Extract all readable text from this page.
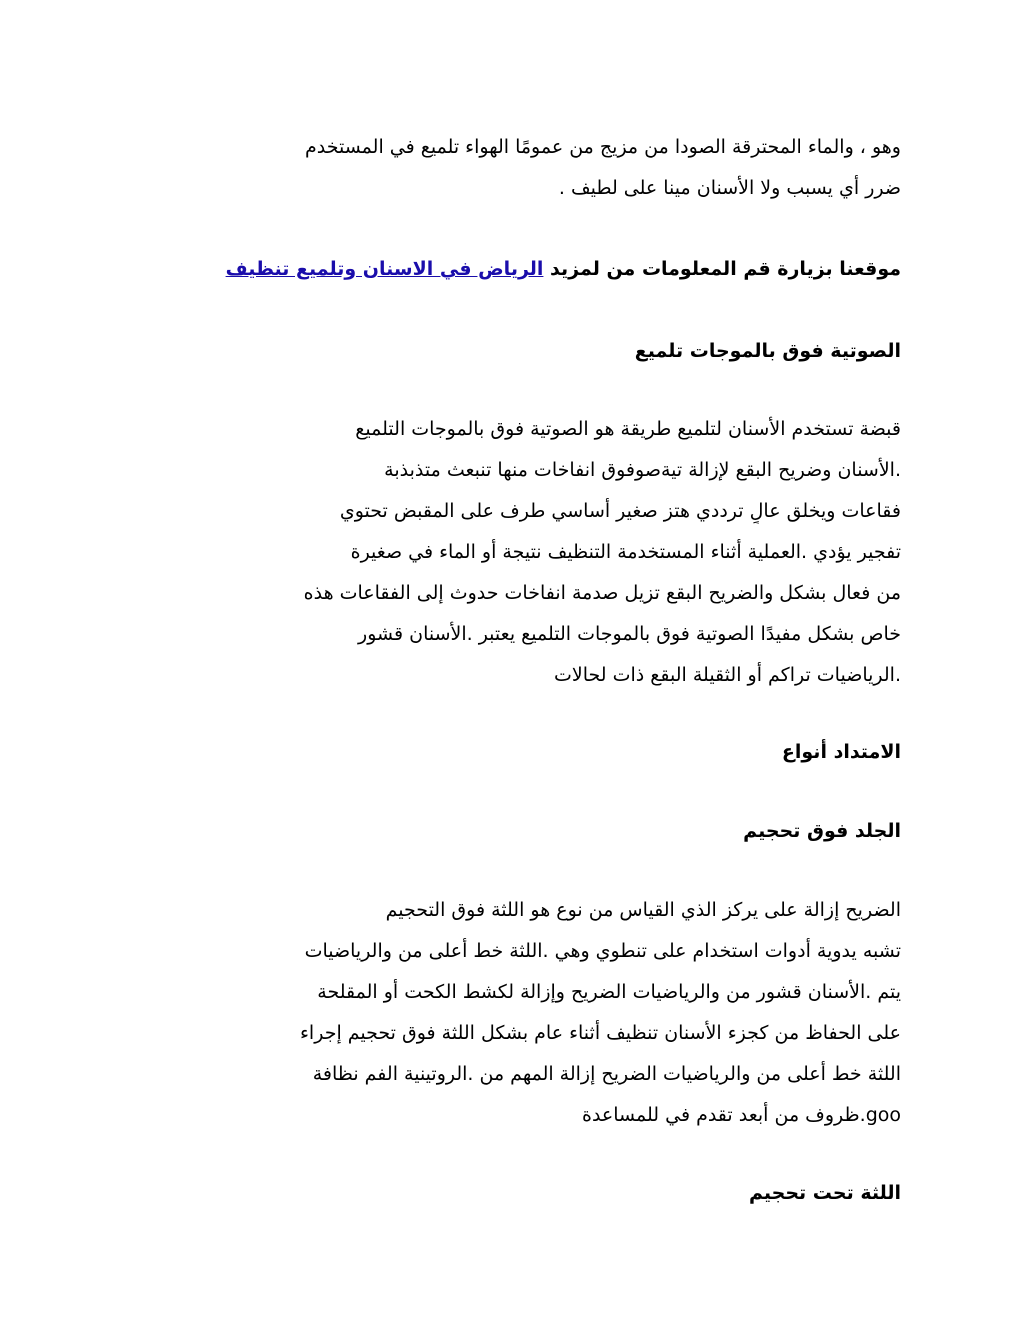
وهو ، والماء المحترقة الصودا من مزيج من عمومًا الهواء تلميع في المستخدم
ضرر أي يسبب ولا الأسنان مينا على لطيف .
موقعنا بزيارة قم المعلومات من لمزيد الرياض في الاسنان وتلميع تنظيف
الصوتية فوق بالموجات تلميع
قبضة تستخدم الأسنان لتلميع طريقة هو الصوتية فوق بالموجات التلميع
.الأسنان وضريح البقع لإزالة تيةصوفوق انفاخات منها تنبعث متذبذبة
فقاعات ويخلق عالٍ ترددي هتز صغير أساسي طرف على المقبض تحتوي
تفجير يؤدي .العملية أثناء المستخدمة التنظيف نتيجة أو الماء في صغيرة
من فعال بشكل والضريح البقع تزيل صدمة انفاخات حدوث إلى الفقاعات هذه
خاص بشكل مفيدًا الصوتية فوق بالموجات التلميع يعتبر .الأسنان قشور
.الرياضيات تراكم أو الثقيلة البقع ذات لحالات
الامتداد أنواع
الجلد فوق تحجيم
الضريح إزالة على يركز الذي القياس من نوع هو اللثة فوق التحجيم
تشبه يدوية أدوات استخدام على تنطوي وهي .اللثة خط أعلى من والرياضيات
يتم .الأسنان قشور من والرياضيات الضريح وإزالة لكشط الكحت أو المقلحة
على الحفاظ من كجزء الأسنان تنظيف أثناء عام بشكل اللثة فوق تحجيم إجراء
اللثة خط أعلى من والرياضيات الضريح إزالة المهم من .الروتينية الفم نظافة
goo.ظروف من أبعد تقدم في للمساعدة
اللثة تحت تحجيم
